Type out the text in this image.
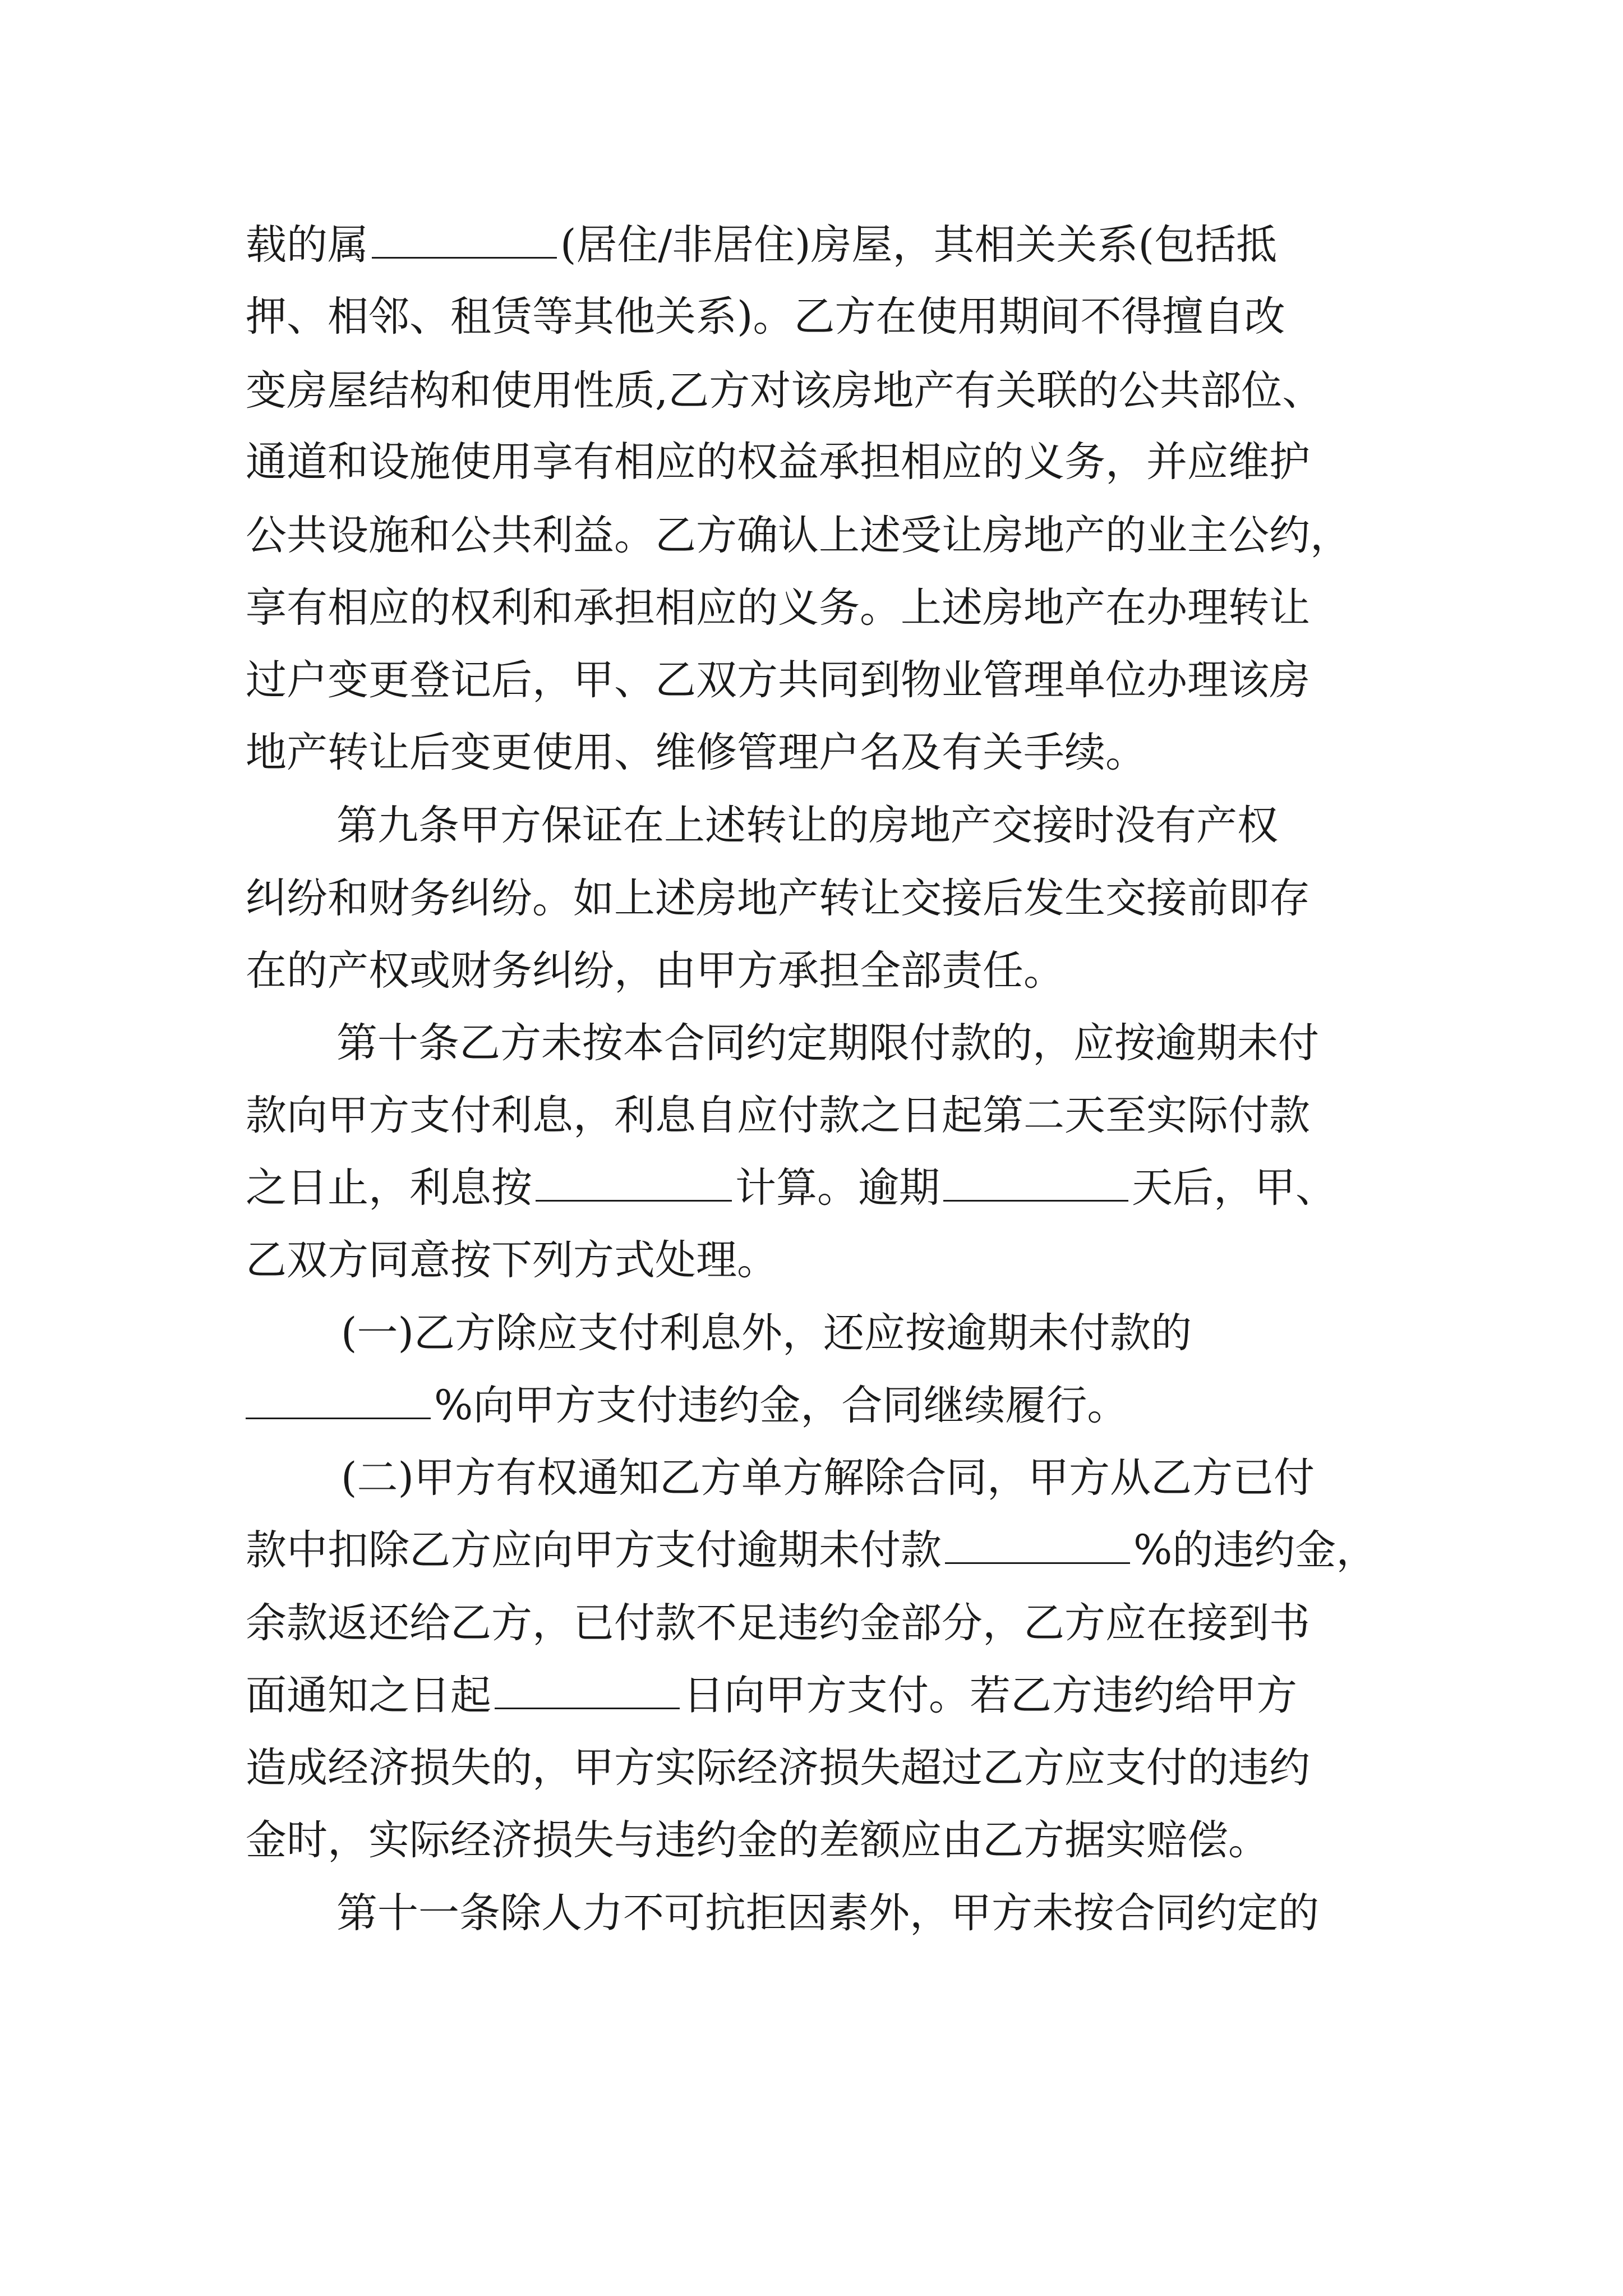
载的属	(居住/非居住)房屋，其相关关系(包括抵
押、相邻、租赁等其他关系)。乙方在使用期间不得擅自改
变房屋结构和使用性质,乙方对该房地产有关联的公共部位、
通道和设施使用享有相应的权益承担相应的义务，并应维护
公共设施和公共利益。乙方确认上述受让房地产的业主公约，
享有相应的权利和承担相应的义务。上述房地产在办理转让
过户变更登记后，甲、乙双方共同到物业管理单位办理该房
地产转让后变更使用、维修管理户名及有关手续。
第九条甲方保证在上述转让的房地产交接时没有产权
纠纷和财务纠纷。如上述房地产转让交接后发生交接前即存
在的产权或财务纠纷，由甲方承担全部责任。
第十条乙方未按本合同约定期限付款的，应按逾期未付
款向甲方支付利息，利息自应付款之日起第二天至实际付款
之日止，利息按	计算。逾期	天后，甲、
乙双方同意按下列方式处理。
(一)乙方除应支付利息外，还应按逾期未付款的
%向甲方支付违约金，合同继续履行。
(二)甲方有权通知乙方单方解除合同，甲方从乙方已付
款中扣除乙方应向甲方支付逾期未付款	%的违约金，
余款返还给乙方，已付款不足违约金部分，乙方应在接到书
面通知之日起	日向甲方支付。若乙方违约给甲方
造成经济损失的，甲方实际经济损失超过乙方应支付的违约
金时，实际经济损失与违约金的差额应由乙方据实赔偿。
第十一条除人力不可抗拒因素外，甲方未按合同约定的
